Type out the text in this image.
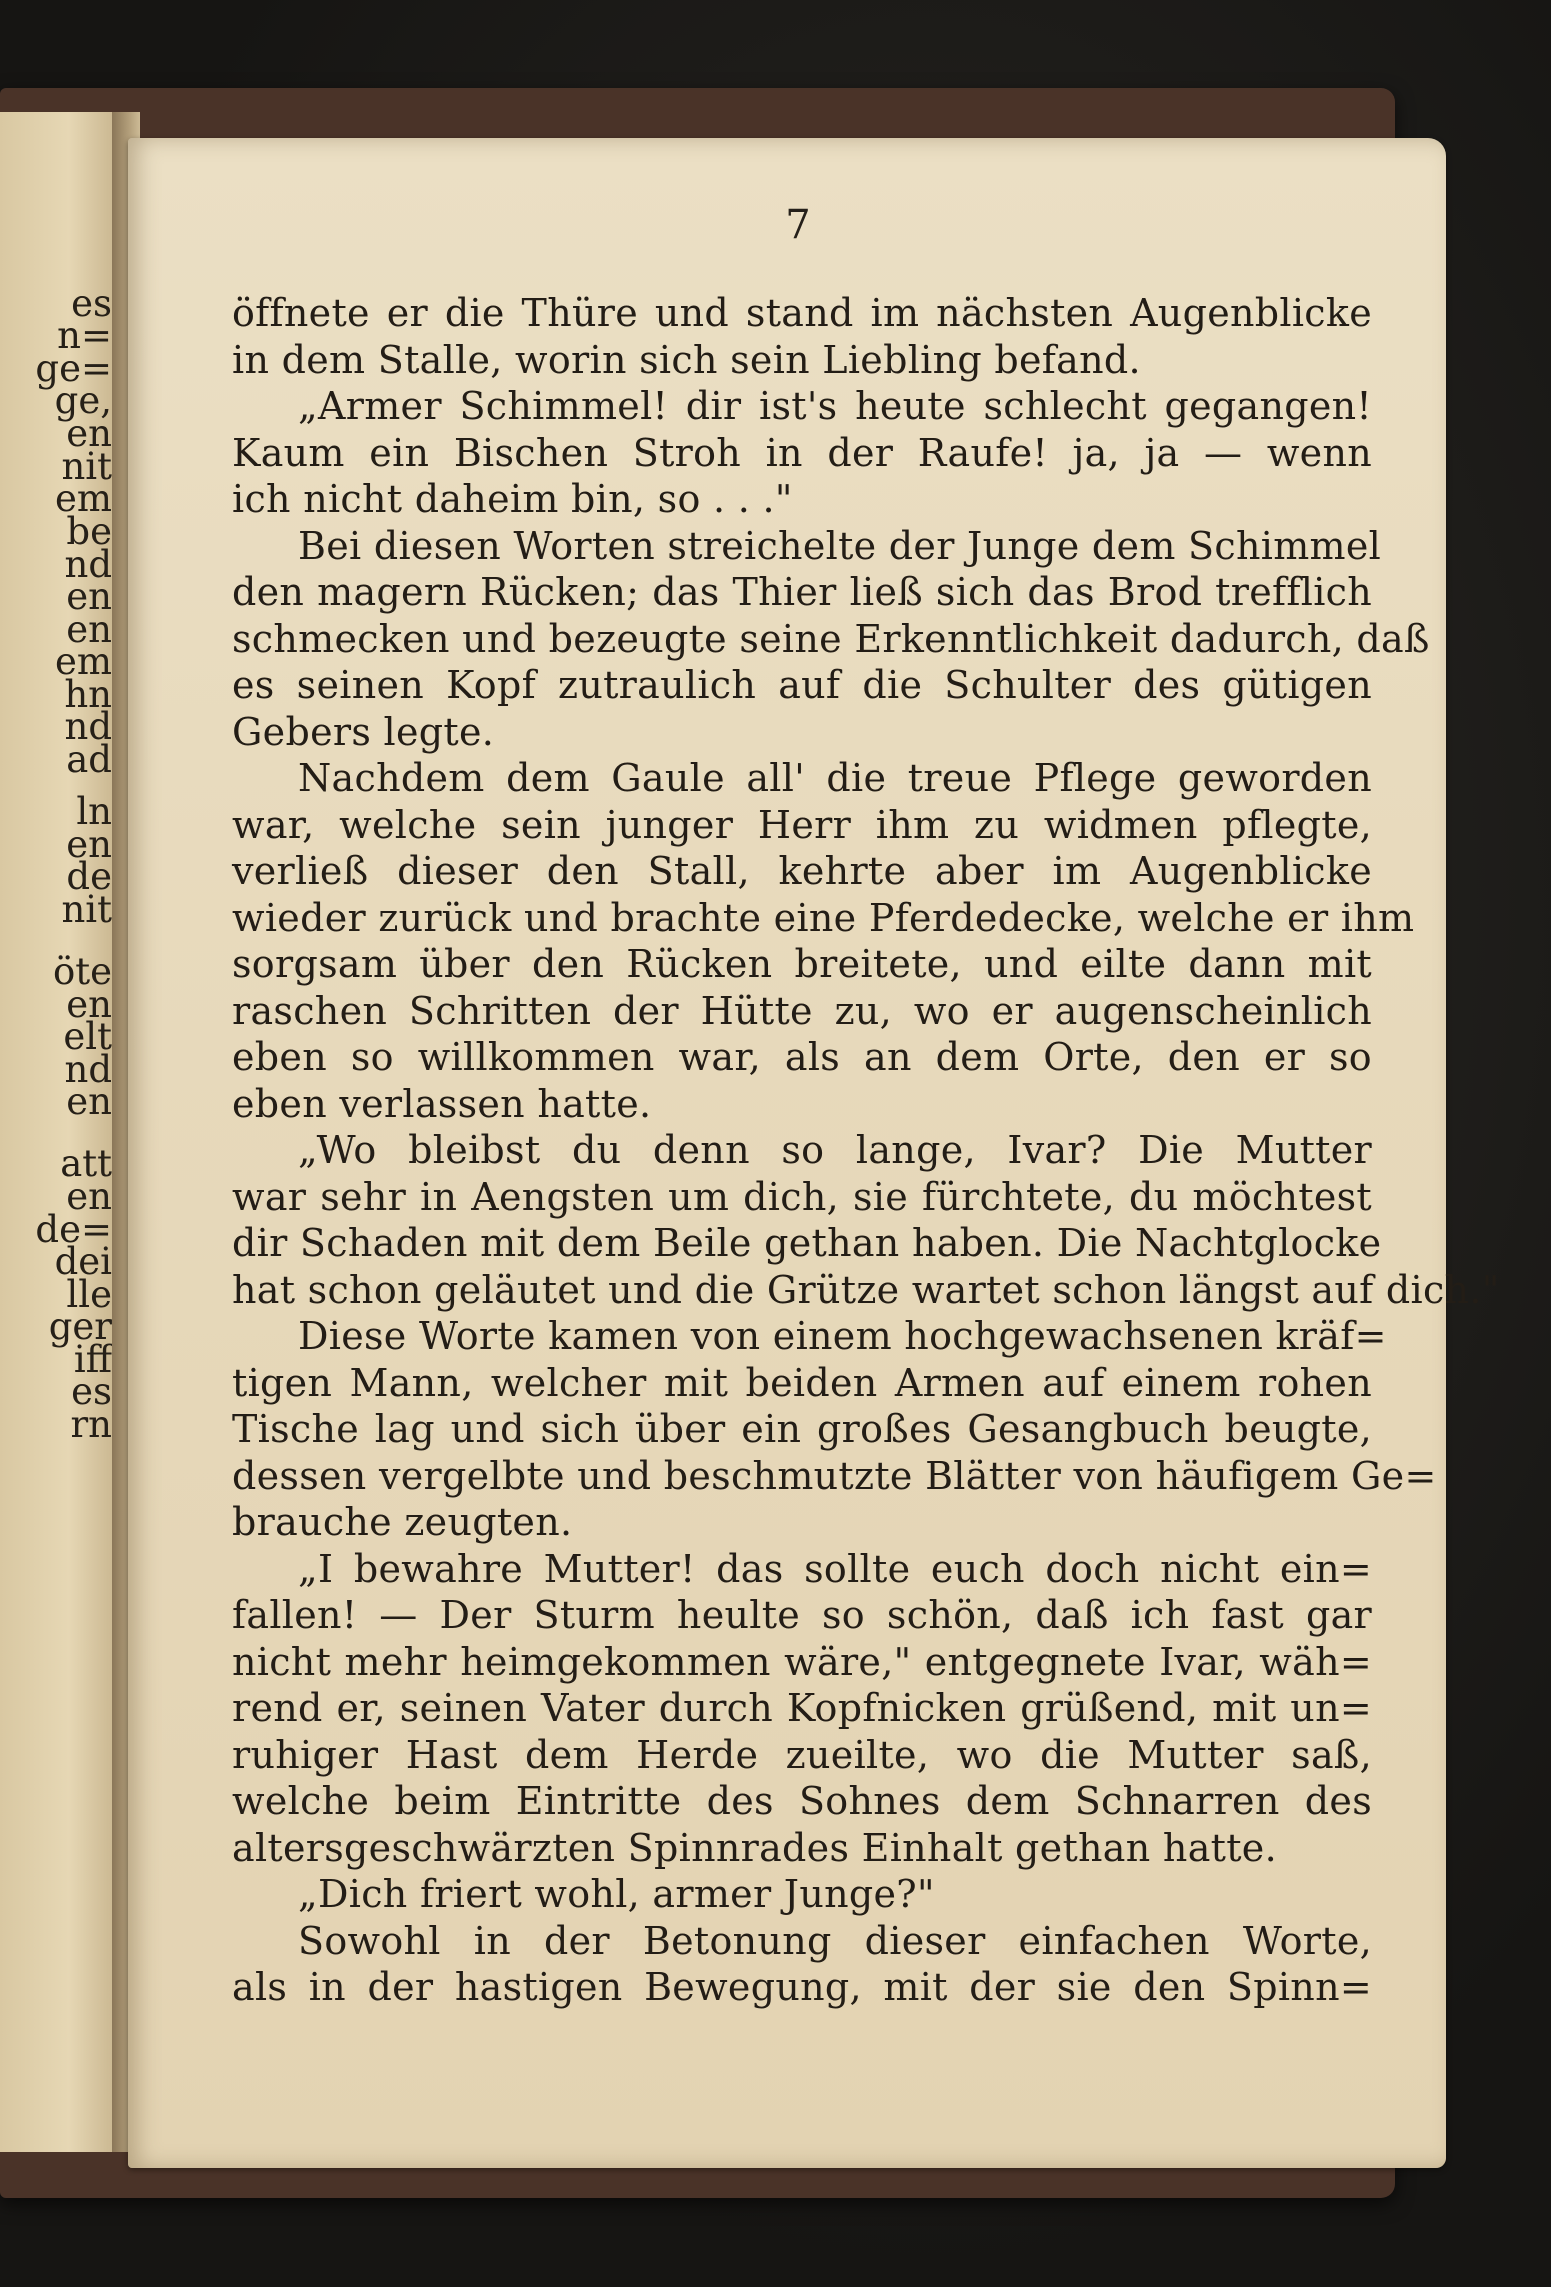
es
n=
ge=
ge,
en
nit
em
be
nd
en
en
em
hn
nd
ad
ln
en
de
nit
öte
en
elt
nd
en
att
en
de=
dei
lle
ger
iff
es
rn
7
öffnete er die Thüre und stand im nächsten Augenblicke
in dem Stalle, worin sich sein Liebling befand.
„Armer Schimmel! dir ist's heute schlecht gegangen!
Kaum ein Bischen Stroh in der Raufe! ja, ja — wenn
ich nicht daheim bin, so . . ."
Bei diesen Worten streichelte der Junge dem Schimmel
den magern Rücken; das Thier ließ sich das Brod trefflich
schmecken und bezeugte seine Erkenntlichkeit dadurch, daß
es seinen Kopf zutraulich auf die Schulter des gütigen
Gebers legte.
Nachdem dem Gaule all' die treue Pflege geworden
war, welche sein junger Herr ihm zu widmen pflegte,
verließ dieser den Stall, kehrte aber im Augenblicke
wieder zurück und brachte eine Pferdedecke, welche er ihm
sorgsam über den Rücken breitete, und eilte dann mit
raschen Schritten der Hütte zu, wo er augenscheinlich
eben so willkommen war, als an dem Orte, den er so
eben verlassen hatte.
„Wo bleibst du denn so lange, Ivar? Die Mutter
war sehr in Aengsten um dich, sie fürchtete, du möchtest
dir Schaden mit dem Beile gethan haben. Die Nachtglocke
hat schon geläutet und die Grütze wartet schon längst auf dich."
Diese Worte kamen von einem hochgewachsenen kräf=
tigen Mann, welcher mit beiden Armen auf einem rohen
Tische lag und sich über ein großes Gesangbuch beugte,
dessen vergelbte und beschmutzte Blätter von häufigem Ge=
brauche zeugten.
„I bewahre Mutter! das sollte euch doch nicht ein=
fallen! — Der Sturm heulte so schön, daß ich fast gar
nicht mehr heimgekommen wäre," entgegnete Ivar, wäh=
rend er, seinen Vater durch Kopfnicken grüßend, mit un=
ruhiger Hast dem Herde zueilte, wo die Mutter saß,
welche beim Eintritte des Sohnes dem Schnarren des
altersgeschwärzten Spinnrades Einhalt gethan hatte.
„Dich friert wohl, armer Junge?"
Sowohl in der Betonung dieser einfachen Worte,
als in der hastigen Bewegung, mit der sie den Spinn=
